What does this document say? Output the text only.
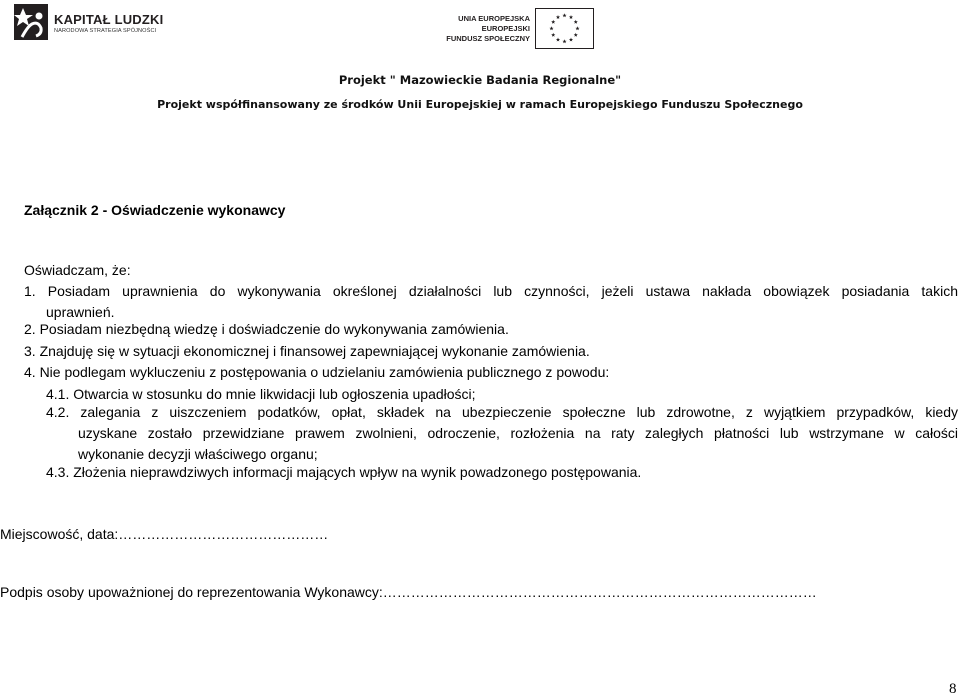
KAPITAŁ LUDZKI
NARODOWA STRATEGIA SPÓJNOŚCI
UNIA EUROPEJSKA
EUROPEJSKI
FUNDUSZ SPOŁECZNY
Projekt " Mazowieckie Badania Regionalne"
Projekt współfinansowany ze środków Unii Europejskiej w ramach Europejskiego Funduszu Społecznego
Załącznik 2 - Oświadczenie wykonawcy
Oświadczam, że:
1. Posiadam uprawnienia do wykonywania określonej działalności lub czynności, jeżeli ustawa nakłada obowiązek posiadania takich
uprawnień.
2. Posiadam niezbędną wiedzę i doświadczenie do wykonywania zamówienia.
3. Znajduję się w sytuacji ekonomicznej i finansowej zapewniającej wykonanie zamówienia.
4. Nie podlegam wykluczeniu z postępowania o udzielaniu zamówienia publicznego z powodu:
4.1. Otwarcia w stosunku do mnie likwidacji lub ogłoszenia upadłości;
4.2. zalegania z uiszczeniem podatków, opłat, składek na ubezpieczenie społeczne lub zdrowotne, z wyjątkiem przypadków, kiedy
uzyskane zostało przewidziane prawem zwolnieni, odroczenie, rozłożenia na raty zaległych płatności lub wstrzymane w całości
wykonanie decyzji właściwego organu;
4.3. Złożenia nieprawdziwych informacji mających wpływ na wynik powadzonego postępowania.
Miejscowość, data:………………………………………
Podpis osoby upoważnionej do reprezentowania Wykonawcy:…………………………………………………………………………………
8
